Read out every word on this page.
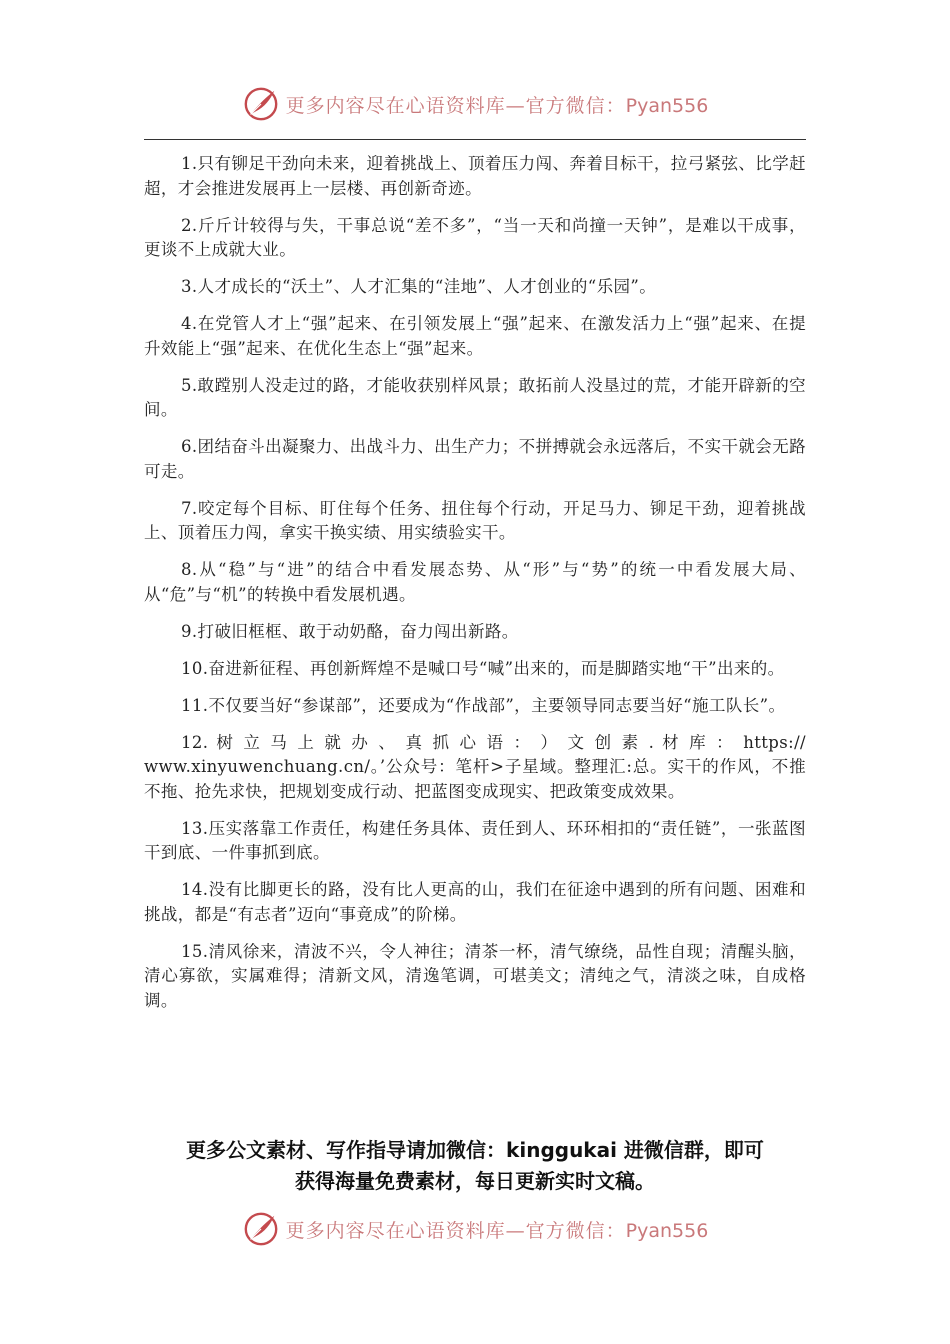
更多内容尽在心语资料库—官方微信：Pyan556

1.只有铆足干劲向未来，迎着挑战上、顶着压力闯、奔着目标干，拉弓紧弦、比学赶超，才会推进发展再上一层楼、再创新奇迹。

2.斤斤计较得与失，干事总说“差不多”，“当一天和尚撞一天钟”，是难以干成事，更谈不上成就大业。

3.人才成长的“沃土”、人才汇集的“洼地”、人才创业的“乐园”。

4.在党管人才上“强”起来、在引领发展上“强”起来、在激发活力上“强”起来、在提升效能上“强”起来、在优化生态上“强”起来。

5.敢蹚别人没走过的路，才能收获别样风景；敢拓前人没垦过的荒，才能开辟新的空间。

6.团结奋斗出凝聚力、出战斗力、出生产力；不拼搏就会永远落后，不实干就会无路可走。

7.咬定每个目标、盯住每个任务、扭住每个行动，开足马力、铆足干劲，迎着挑战上、顶着压力闯，拿实干换实绩、用实绩验实干。

8.从“稳”与“进”的结合中看发展态势、从“形”与“势”的统一中看发展大局、从“危”与“机”的转换中看发展机遇。

9.打破旧框框、敢于动奶酪，奋力闯出新路。

10.奋进新征程、再创新辉煌不是喊口号“喊”出来的，而是脚踏实地“干”出来的。

11.不仅要当好“参谋部”，还要成为“作战部”，主要领导同志要当好“施工队长”。

12. 树 立 马 上 就 办 、 真 抓 心 语 ： ） 文 创 素 . 材 库 ： https:// www.xinyuwenchuang.cn/。’公众号：笔杆>子星域。整理汇:总。实干的作风，不推不拖、抢先求快，把规划变成行动、把蓝图变成现实、把政策变成效果。

13.压实落靠工作责任，构建任务具体、责任到人、环环相扣的“责任链”，一张蓝图干到底、一件事抓到底。

14.没有比脚更长的路，没有比人更高的山，我们在征途中遇到的所有问题、困难和挑战，都是“有志者”迈向“事竟成”的阶梯。

15.清风徐来，清波不兴，令人神往；清茶一杯，清气缭绕，品性自现；清醒头脑，清心寡欲，实属难得；清新文风，清逸笔调，可堪美文；清纯之气，清淡之味，自成格调。

更多公文素材、写作指导请加微信：kinggukai 进微信群，即可
获得海量免费素材，每日更新实时文稿。
更多内容尽在心语资料库—官方微信：Pyan556
